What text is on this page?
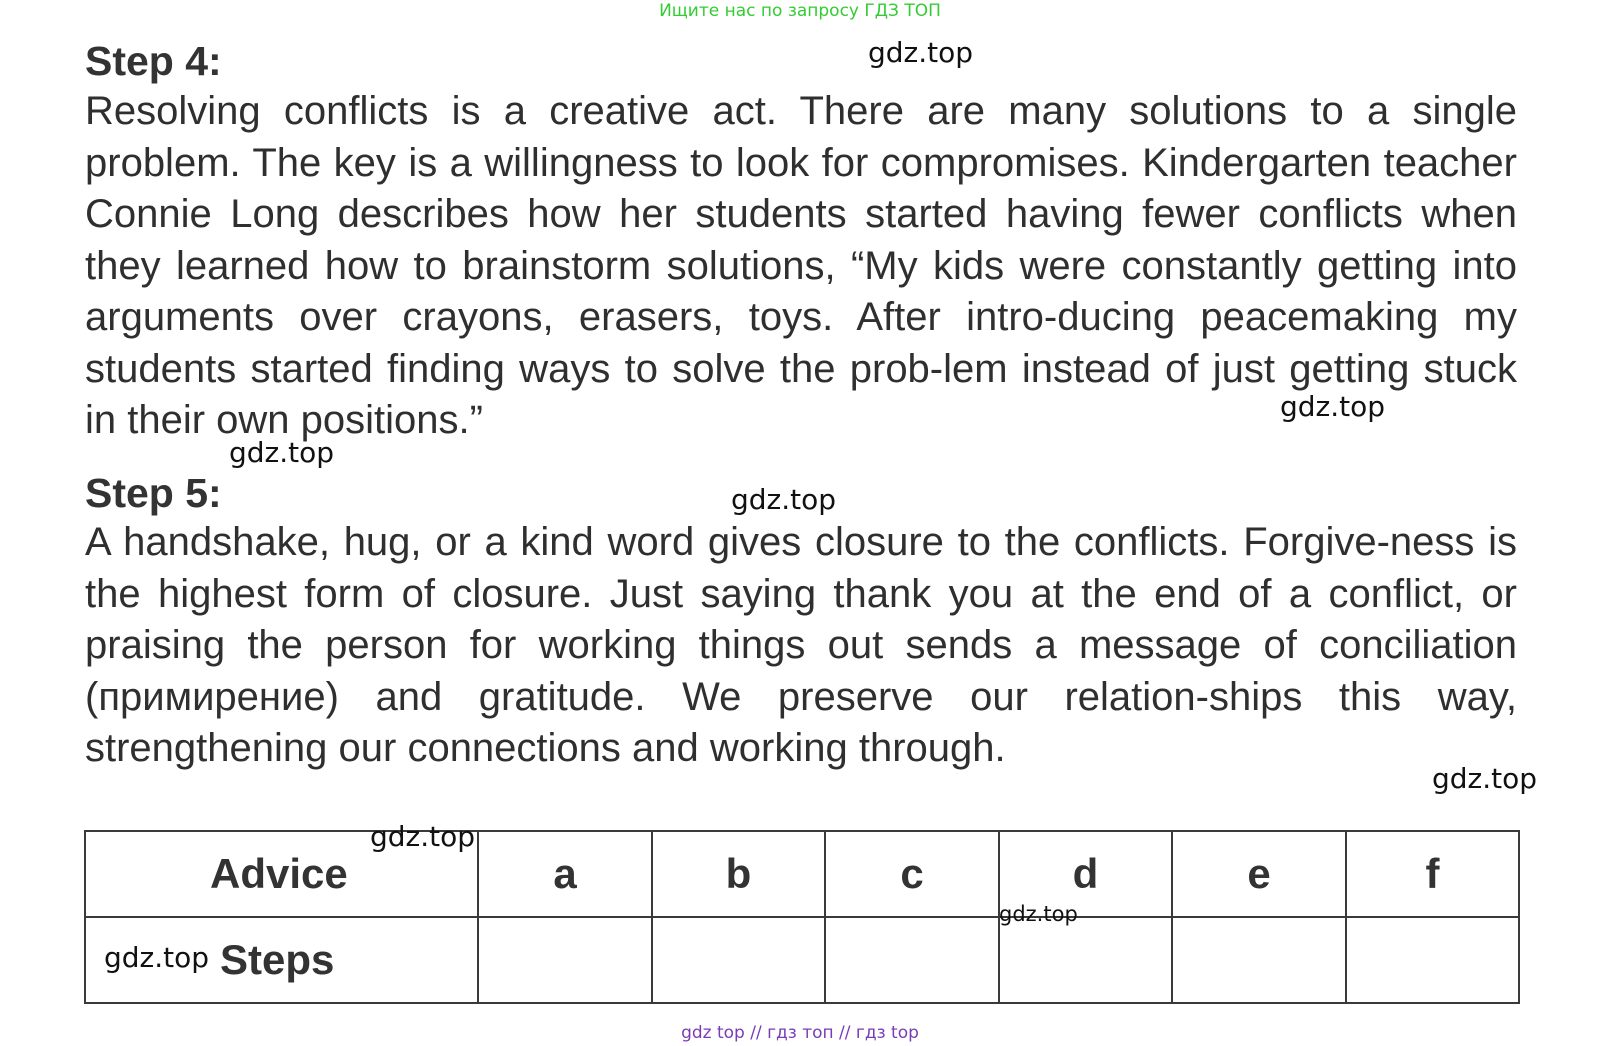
Ищите нас по запросу ГДЗ ТОП
Step 4:

Resolving conflicts is a creative act. There are many solutions to a single problem. The key is a willingness to look for compromises. Kindergarten teacher Connie Long describes how her students started having fewer conflicts when they learned how to brainstorm solutions, “My kids were constantly getting into arguments over crayons, erasers, toys. After intro-ducing peacemaking my students started finding ways to solve the prob-lem instead of just getting stuck in their own positions.”

Step 5:

A handshake, hug, or a kind word gives closure to the conflicts. Forgive-ness is the highest form of closure. Just saying thank you at the end of a conflict, or praising the person for working things out sends a message of conciliation (примирение) and gratitude. We preserve our relation-ships this way, strengthening our connections and working through.

Advice	a	b	c	d	e	f
Steps						
gdz.top
gdz.top
gdz.top
gdz.top
gdz.top
gdz.top
gdz.top
gdz.top
gdz top // гдз топ // гдз top
